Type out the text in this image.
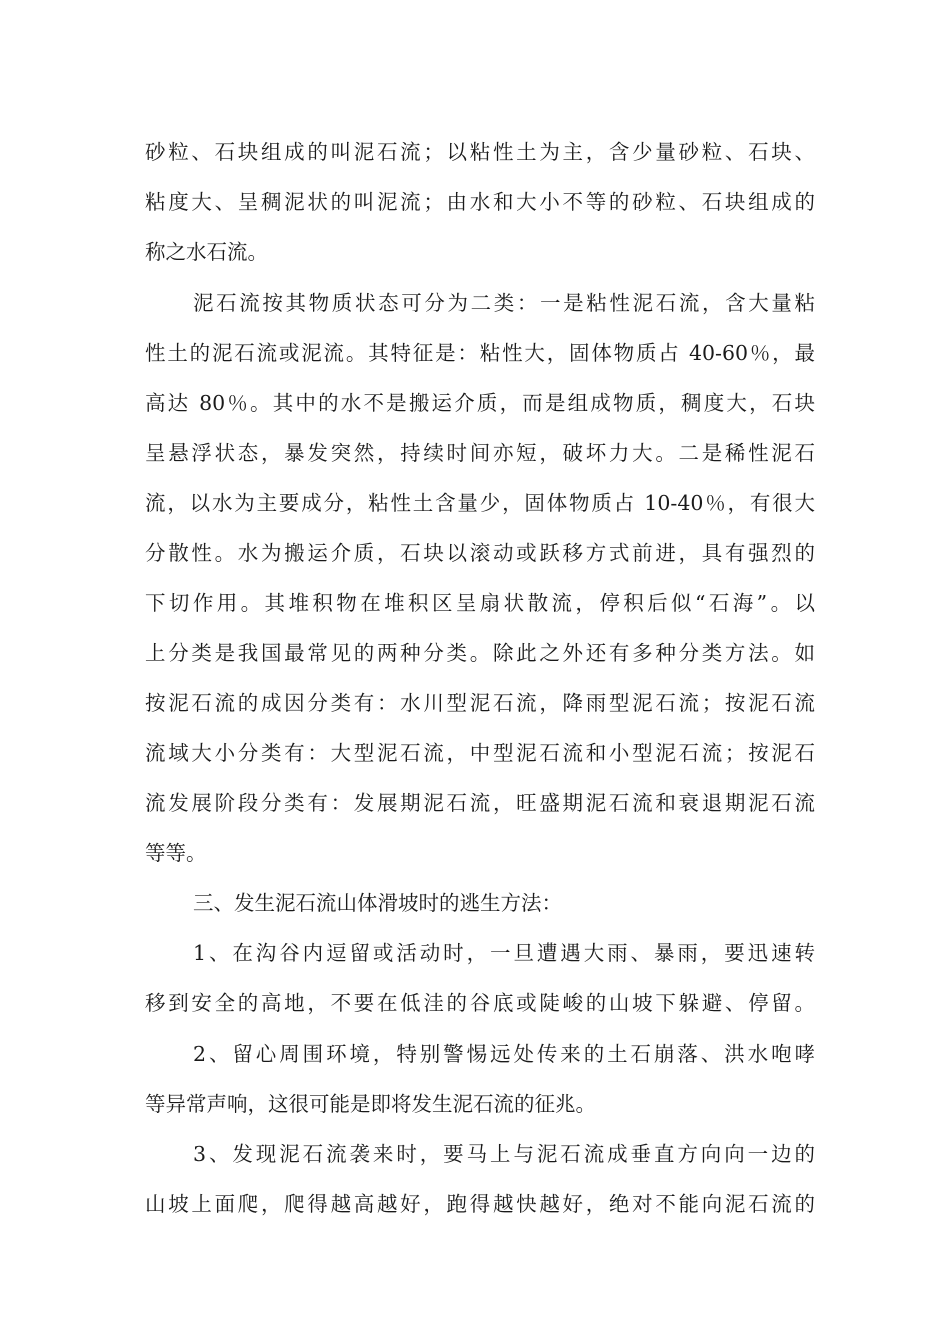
砂粒、石块组成的叫泥石流；以粘性土为主，含少量砂粒、石块、
粘度大、呈稠泥状的叫泥流；由水和大小不等的砂粒、石块组成的
称之水石流。
泥石流按其物质状态可分为二类：一是粘性泥石流，含大量粘
性土的泥石流或泥流。其特征是：粘性大，固体物质占 40-60％，最
高达 80％。其中的水不是搬运介质，而是组成物质，稠度大，石块
呈悬浮状态，暴发突然，持续时间亦短，破坏力大。二是稀性泥石
流，以水为主要成分，粘性土含量少，固体物质占 10-40％，有很大
分散性。水为搬运介质，石块以滚动或跃移方式前进，具有强烈的
下切作用。其堆积物在堆积区呈扇状散流，停积后似“石海”。以
上分类是我国最常见的两种分类。除此之外还有多种分类方法。如
按泥石流的成因分类有：水川型泥石流，降雨型泥石流；按泥石流
流域大小分类有：大型泥石流，中型泥石流和小型泥石流；按泥石
流发展阶段分类有：发展期泥石流，旺盛期泥石流和衰退期泥石流
等等。
三、发生泥石流山体滑坡时的逃生方法：
1、在沟谷内逗留或活动时，一旦遭遇大雨、暴雨，要迅速转
移到安全的高地，不要在低洼的谷底或陡峻的山坡下躲避、停留。
2、留心周围环境，特别警惕远处传来的土石崩落、洪水咆哮
等异常声响，这很可能是即将发生泥石流的征兆。
3、发现泥石流袭来时，要马上与泥石流成垂直方向向一边的
山坡上面爬，爬得越高越好，跑得越快越好，绝对不能向泥石流的
